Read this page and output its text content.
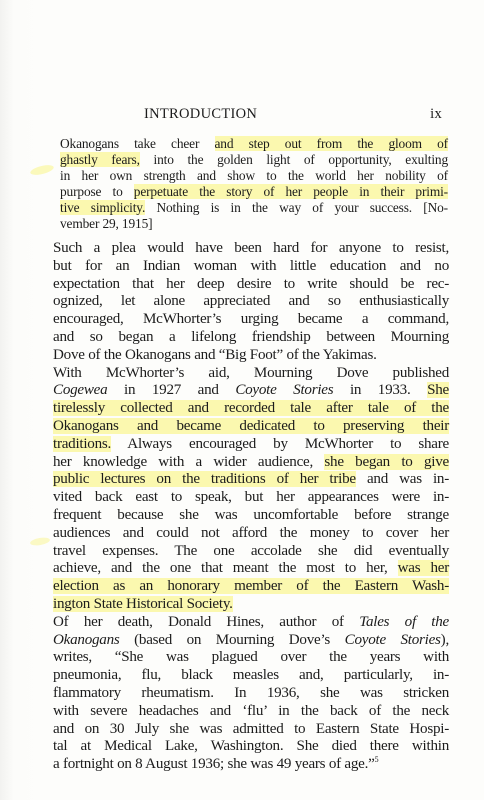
INTRODUCTION	ix
Okanogans take cheer and step out from the gloom of
ghastly fears, into the golden light of opportunity, exulting
in her own strength and show to the world her nobility of
purpose to perpetuate the story of her people in their primi-
tive simplicity. Nothing is in the way of your success. [No-
vember 29, 1915]
Such a plea would have been hard for anyone to resist,
but for an Indian woman with little education and no
expectation that her deep desire to write should be rec-
ognized, let alone appreciated and so enthusiastically
encouraged, McWhorter’s urging became a command,
and so began a lifelong friendship between Mourning
Dove of the Okanogans and “Big Foot” of the Yakimas.
With McWhorter’s aid, Mourning Dove published
Cogewea in 1927 and Coyote Stories in 1933. She
tirelessly collected and recorded tale after tale of the
Okanogans and became dedicated to preserving their
traditions. Always encouraged by McWhorter to share
her knowledge with a wider audience, she began to give
public lectures on the traditions of her tribe and was in-
vited back east to speak, but her appearances were in-
frequent because she was uncomfortable before strange
audiences and could not afford the money to cover her
travel expenses. The one accolade she did eventually
achieve, and the one that meant the most to her, was her
election as an honorary member of the Eastern Wash-
ington State Historical Society.
Of her death, Donald Hines, author of Tales of the
Okanogans (based on Mourning Dove’s Coyote Stories),
writes, “She was plagued over the years with
pneumonia, flu, black measles and, particularly, in-
flammatory rheumatism. In 1936, she was stricken
with severe headaches and ‘flu’ in the back of the neck
and on 30 July she was admitted to Eastern State Hospi-
tal at Medical Lake, Washington. She died there within
a fortnight on 8 August 1936; she was 49 years of age.”$^5$
